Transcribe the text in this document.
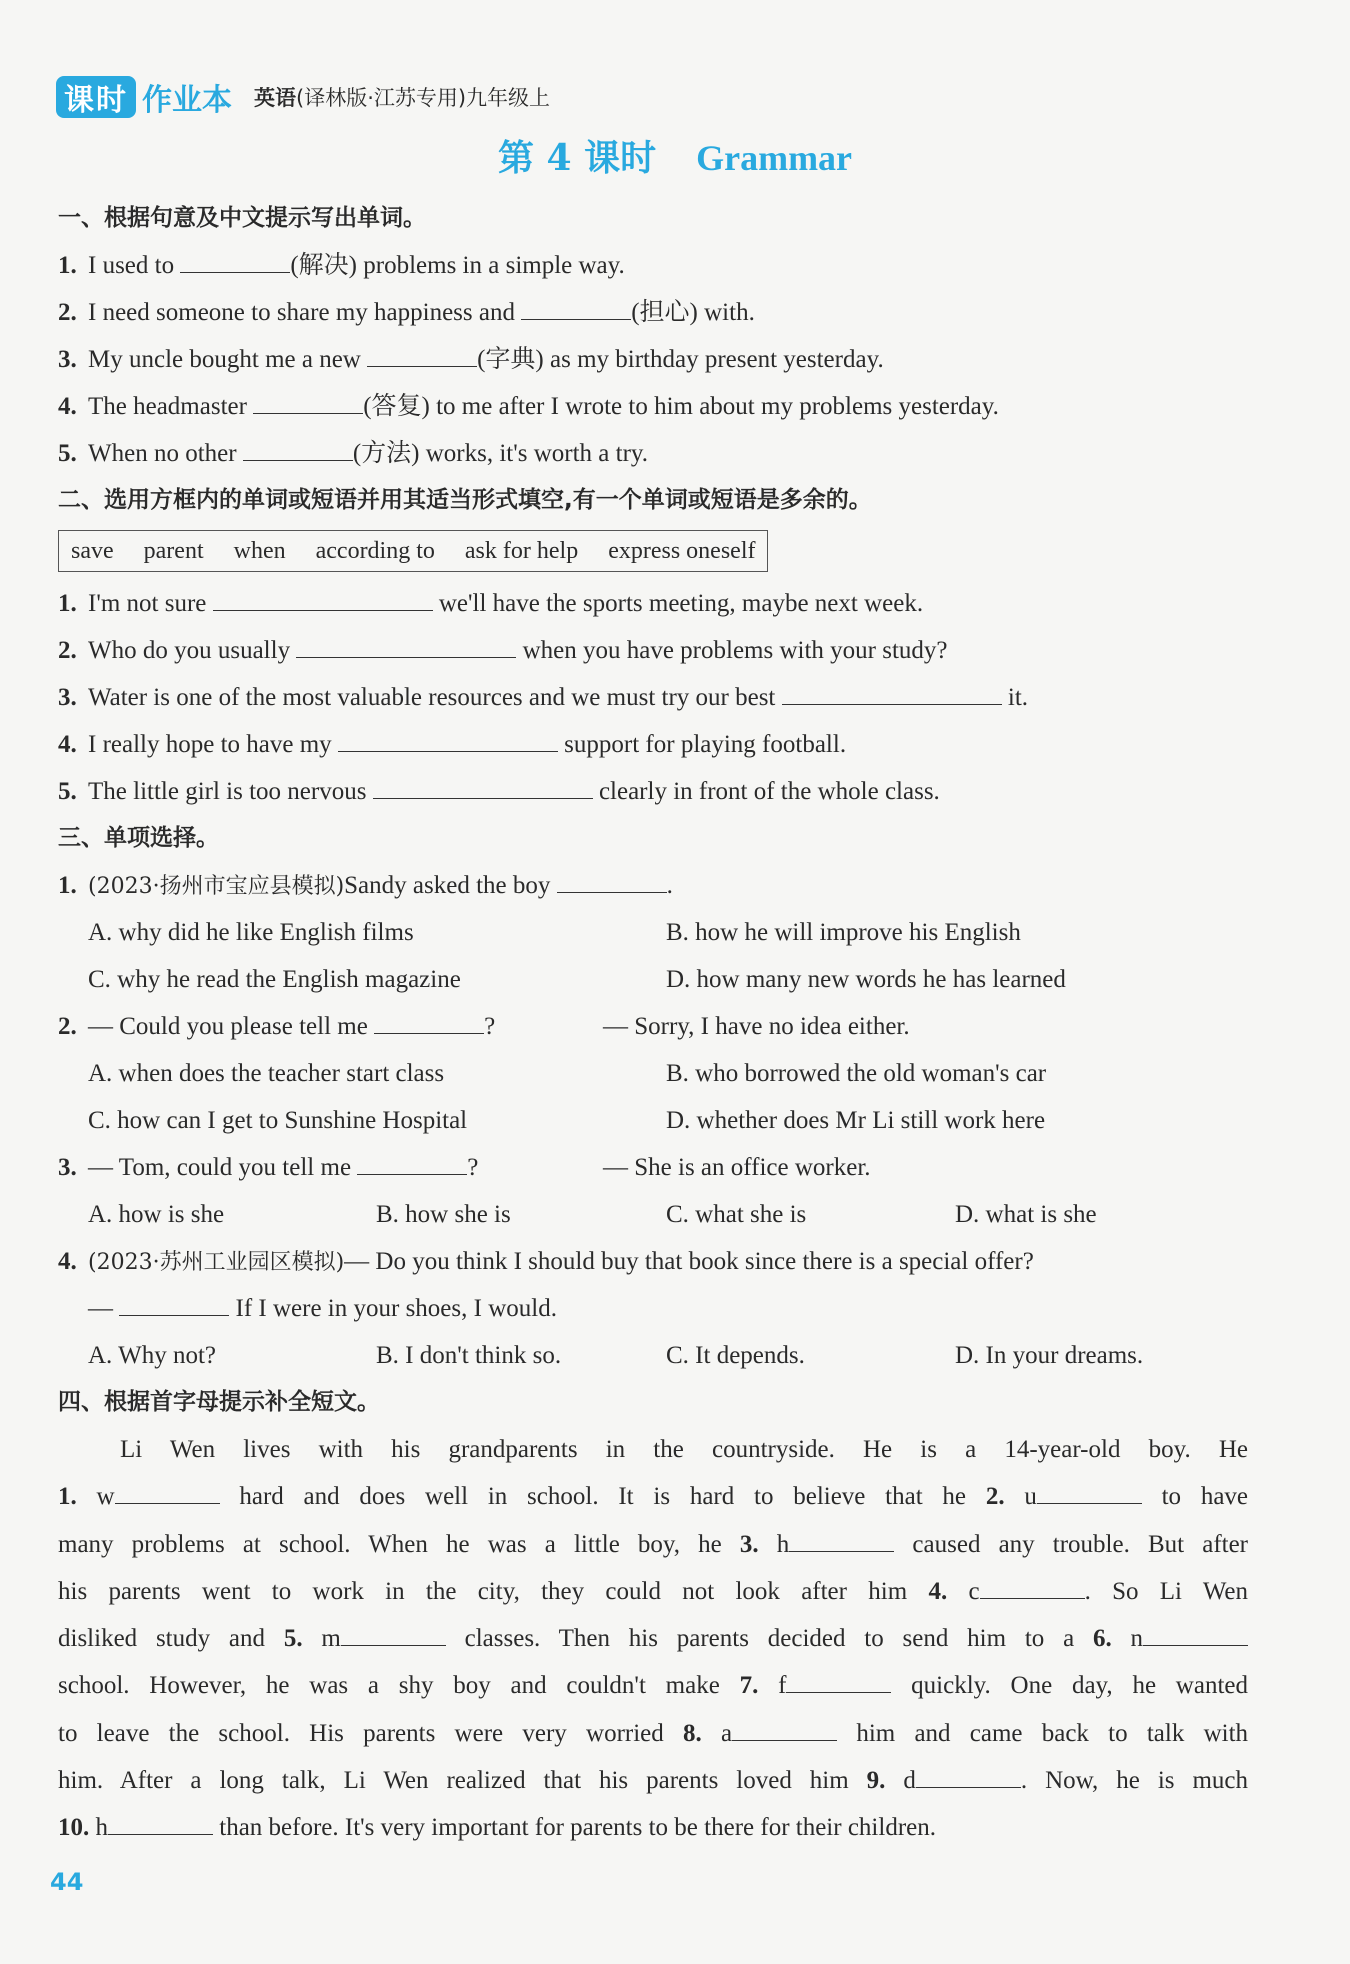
课时 作业本 英语(译林版·江苏专用)九年级上
第 4 课时 Grammar
一、根据句意及中文提示写出单词。
1. I used to	(解决) problems in a simple way.
2. I need someone to share my happiness and	(担心) with.
3. My uncle bought me a new	(字典) as my birthday present yesterday.
4. The headmaster	(答复) to me after I wrote to him about my problems yesterday.
5. When no other	(方法) works, it's worth a try.
二、选用方框内的单词或短语并用其适当形式填空,有一个单词或短语是多余的。
save parent when according to ask for help express oneself
1. I'm not sure	we'll have the sports meeting, maybe next week.
2. Who do you usually	when you have problems with your study?
3. Water is one of the most valuable resources and we must try our best	it.
4. I really hope to have my	support for playing football.
5. The little girl is too nervous	clearly in front of the whole class.
三、单项选择。
1. (2023·扬州市宝应县模拟)Sandy asked the boy	.
A. why did he like English films	B. how he will improve his English
C. why he read the English magazine	D. how many new words he has learned
2. — Could you please tell me	?	— Sorry, I have no idea either.
A. when does the teacher start class	B. who borrowed the old woman's car
C. how can I get to Sunshine Hospital	D. whether does Mr Li still work here
3. — Tom, could you tell me	?	— She is an office worker.
A. how is she	B. how she is	C. what she is	D. what is she
4. (2023·苏州工业园区模拟)— Do you think I should buy that book since there is a special offer?
—	If I were in your shoes, I would.
A. Why not?	B. I don't think so.	C. It depends.	D. In your dreams.
四、根据首字母提示补全短文。
Li Wen lives with his grandparents in the countryside. He is a 14-year-old boy. He
1. w	hard and does well in school. It is hard to believe that he 2. u	to have
many problems at school. When he was a little boy, he 3. h	caused any trouble. But after
his parents went to work in the city, they could not look after him 4. c	. So Li Wen
disliked study and 5. m	classes. Then his parents decided to send him to a 6. n
school. However, he was a shy boy and couldn't make 7. f	quickly. One day, he wanted
to leave the school. His parents were very worried 8. a	him and came back to talk with
him. After a long talk, Li Wen realized that his parents loved him 9. d	. Now, he is much
10. h	than before. It's very important for parents to be there for their children.
44
